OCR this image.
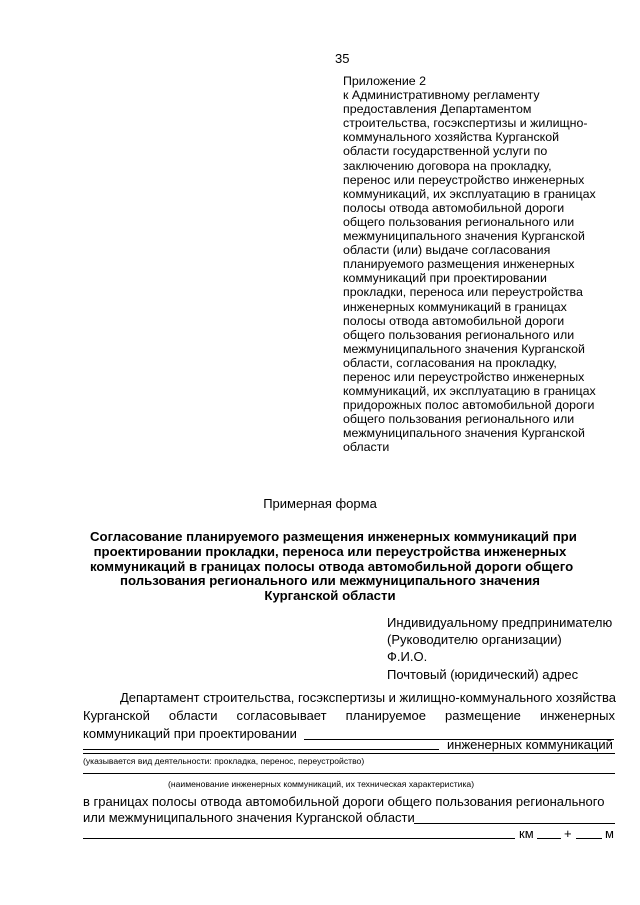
35
Приложение 2
к Административному регламенту
предоставления Департаментом
строительства, госэкспертизы и жилищно-
коммунального хозяйства Курганской
области государственной услуги по
заключению договора на прокладку,
перенос или переустройство инженерных
коммуникаций, их эксплуатацию в границах
полосы отвода автомобильной дороги
общего пользования регионального или
межмуниципального значения Курганской
области (или) выдаче согласования
планируемого размещения инженерных
коммуникаций при проектировании
прокладки, переноса или переустройства
инженерных коммуникаций в границах
полосы отвода автомобильной дороги
общего пользования регионального или
межмуниципального значения Курганской
области, согласования на прокладку,
перенос или переустройство инженерных
коммуникаций, их эксплуатацию в границах
придорожных полос автомобильной дороги
общего пользования регионального или
межмуниципального значения Курганской
области
Примерная форма
Согласование планируемого размещения инженерных коммуникаций при
проектировании прокладки, переноса или переустройства инженерных
коммуникаций в границах полосы отвода автомобильной дороги общего
пользования регионального или межмуниципального значения
Курганской области
Индивидуальному предпринимателю
(Руководителю организации)
Ф.И.О.
Почтовый (юридический) адрес
Департамент строительства, госэкспертизы и жилищно-коммунального хозяйства
Курганской области согласовывает планируемое размещение инженерных
коммуникаций при проектировании
инженерных коммуникаций
(указывается вид деятельности: прокладка, перенос, переустройство)
(наименование инженерных коммуникаций, их техническая характеристика)
в границах полосы отвода автомобильной дороги общего пользования регионального
или межмуниципального значения Курганской области
км +	м
